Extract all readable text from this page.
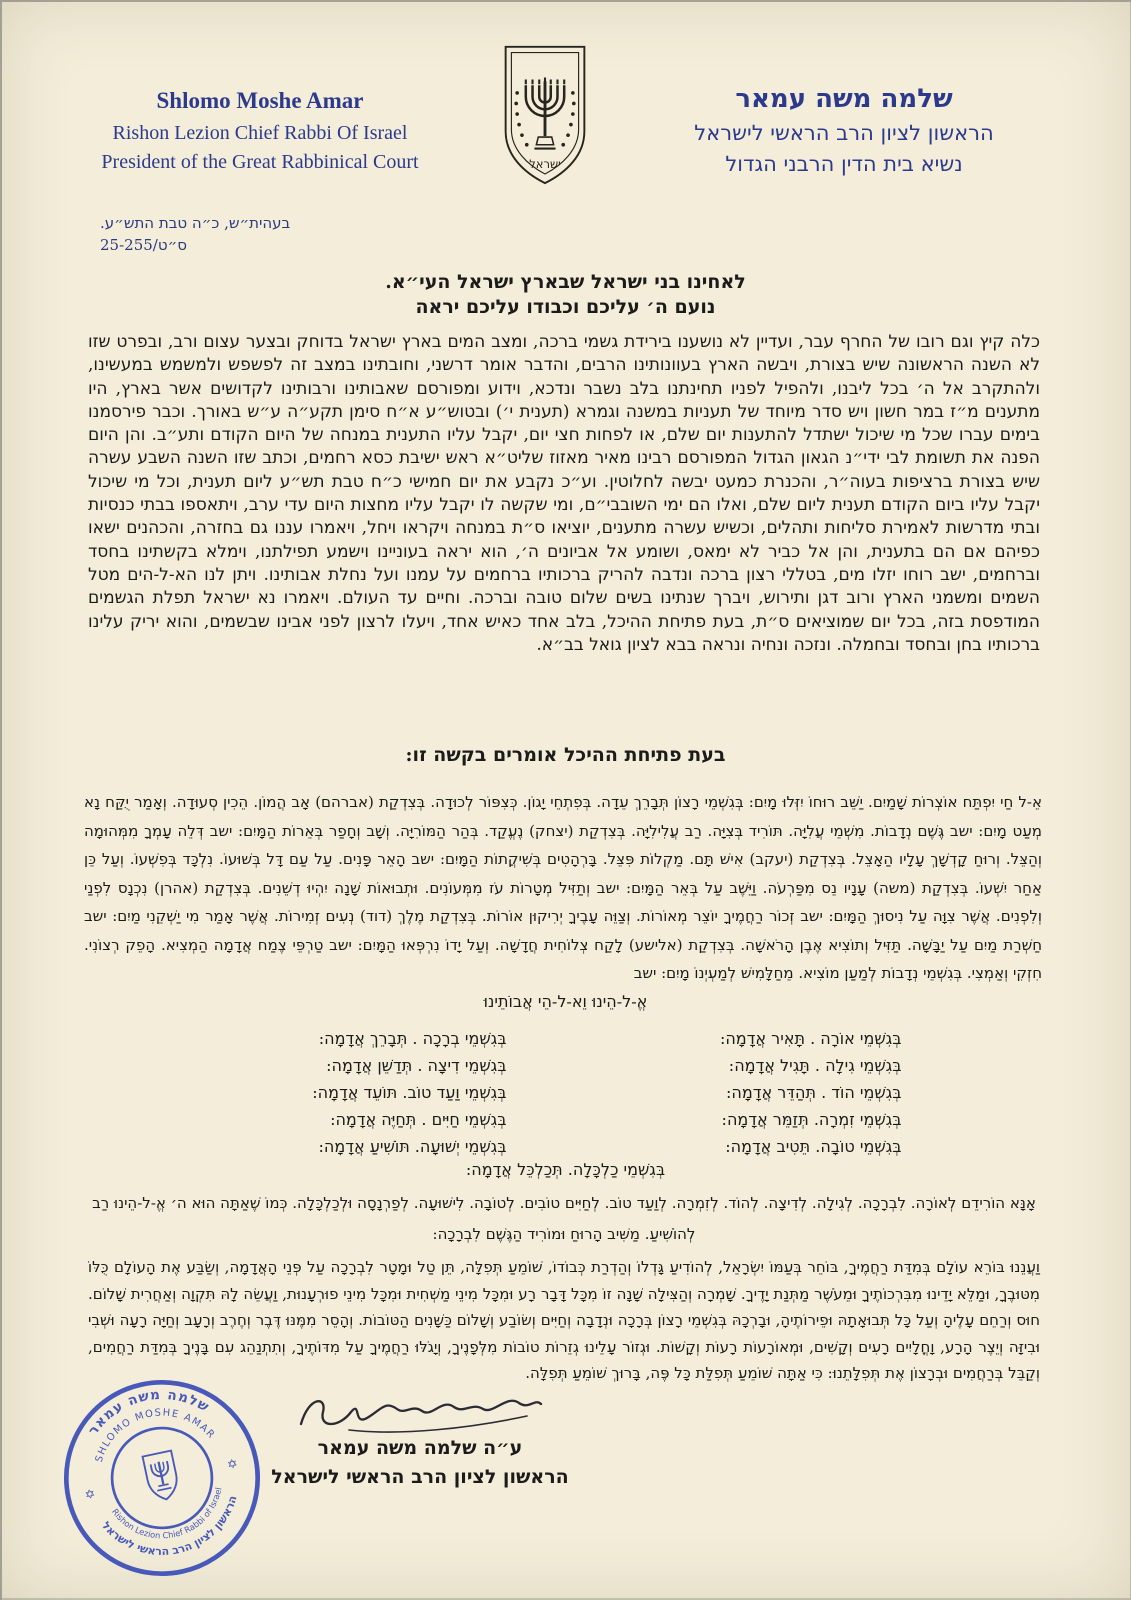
ישראל
Shlomo Moshe Amar
Rishon Lezion Chief Rabbi Of Israel
President of the Great Rabbinical Court
שלמה משה עמאר
הראשון לציון הרב הראשי לישראל
נשיא בית הדין הרבני הגדול
בעהית״ש, כ״ה טבת התש״ע.
25-255/ס״ט
לאחינו בני ישראל שבארץ ישראל העי״א.
נועם ה׳ עליכם וכבודו עליכם יראה
כלה קיץ וגם רובו של החרף עבר, ועדיין לא נושענו בירידת גשמי ברכה, ומצב המים בארץ ישראל בדוחק ובצער עצום ורב, ובפרט שזו לא השנה הראשונה שיש בצורת, ויבשה הארץ בעוונותינו הרבים, והדבר אומר דרשני, וחובתינו במצב זה לפשפש ולמשמש במעשינו, ולהתקרב אל ה׳ בכל ליבנו, ולהפיל לפניו תחינתנו בלב נשבר ונדכא, וידוע ומפורסם שאבותינו ורבותינו לקדושים אשר בארץ, היו מתענים מ״ז במר חשון ויש סדר מיוחד של תעניות במשנה וגמרא (תענית י׳) ובטוש״ע א״ח סימן תקע״ה ע״ש באורך. וכבר פירסמנו בימים עברו שכל מי שיכול ישתדל להתענות יום שלם, או לפחות חצי יום, יקבל עליו התענית במנחה של היום הקודם ותע״ב. והן היום הפנה את תשומת לבי ידי״נ הגאון הגדול המפורסם רבינו מאיר מאזוז שליט״א ראש ישיבת כסא רחמים, וכתב שזו השנה השבע עשרה שיש בצורת ברציפות בעוה״ר, והכנרת כמעט יבשה לחלוטין. וע״כ נקבע את יום חמישי כ״ח טבת תש״ע ליום תענית, וכל מי שיכול יקבל עליו ביום הקודם תענית ליום שלם, ואלו הם ימי השובבי״ם, ומי שקשה לו יקבל עליו מחצות היום עדי ערב, ויתאספו בבתי כנסיות ובתי מדרשות לאמירת סליחות ותהלים, וכשיש עשרה מתענים, יוציאו ס״ת במנחה ויקראו ויחל, ויאמרו עננו גם בחזרה, והכהנים ישאו כפיהם אם הם בתענית, והן אל כביר לא ימאס, ושומע אל אביונים ה׳, הוא יראה בעוניינו וישמע תפילתנו, וימלא בקשתינו בחסד וברחמים, ישב רוחו יזלו מים, בטללי רצון ברכה ונדבה להריק ברכותיו ברחמים על עמנו ועל נחלת אבותינו. ויתן לנו הא-ל-הים מטל השמים ומשמני הארץ ורוב דגן ותירוש, ויברך שנתינו בשים שלום טובה וברכה. וחיים עד העולם. ויאמרו נא ישראל תפלת הגשמים המודפסת בזה, בכל יום שמוציאים ס״ת, בעת פתיחת ההיכל, בלב אחד כאיש אחד, ויעלו לרצון לפני אבינו שבשמים, והוא יריק עלינו ברכותיו בחן ובחסד ובחמלה. ונזכה ונחיה ונראה בבא לציון גואל בב״א.
בעת פתיחת ההיכל אומרים בקשה זו:
אֵ-ל חַי יִפְתַּח אוֹצְרוֹת שָׁמַיִם. יַשֵּׁב רוּחוֹ יִזְּלוּ מָיִם: בְּגִשְׁמֵי רָצוֹן תְּבָרֵךְ עֵדָה. בְּפִתְחֵי יָגוֹן. כְּצִפּוֹר לְכוּדָה. בְּצִדְקַת (אברהם) אָב הֲמוֹן. הֵכִין סְעוּדָה. וְאָמַר יֻקַּח נָא מְעַט מָיִם: ישב גֶּשֶׁם נְדָבוֹת. מִשְׁמֵי עֲלִיָּה. תּוֹרִיד בְּצִיָּה. רַב עֲלִילִיָּה. בְּצִדְקַת (יצחק) נֶעֱקַד. בְּהַר הַמּוֹרִיָּה. וְשָׁב וְחָפַר בְּאֵרוֹת הַמָּיִם: ישב דְּלֵה עָמְךָ מִמְּהוּמָה וְהַצֵּל. וְרוּחַ קָדְשָׁךְ עָלָיו הַאָצֵל. בְּצִדְקַת (יעקב) אִישׁ תָּם. מַקְלוֹת פִּצֵּל. בָּרְהָטִים בְּשִׁיקֲתוֹת הַמָּיִם: ישב הָאֵר פָּנִים. עַל עַם דָּל בְּשׁוּעוֹ. נִלְכָּד בְּפִשְׁעוֹ. וְעַל כֵּן אַחַר יִשְׁעוֹ. בְּצִדְקַת (משה) עָנָיו נֵס מִפַּרְעֹה. וַיֵּשֶׁב עַל בְּאֵר הַמָּיִם: ישב וְתַזִּיל מְטָרוֹת עֹז מִמְּעוֹנִים. וּתְבוּאוֹת שָׁנָה יִהְיוּ דְשֵׁנִים. בְּצִדְקַת (אהרן) נִכְנָס לִפְנַי וְלִפְנִים. אֲשֶׁר צִוָּה עַל נִיסוּךְ הַמָּיִם: ישב זְכוֹר רַחֲמֶיךָ יוֹצֵר מְאוֹרוֹת. וְצַוֵּה עָבֶיךָ יְרִיקוּן אוֹרוֹת. בְּצִדְקַת מֶלֶךְ (דוד) נְעִים זְמִירוֹת. אֲשֶׁר אָמַר מִי יַשְׁקֵנִי מַיִם: ישב חַשְׁרַת מַיִם עַל יַבָּשָׁה. תַּזִּיל וְתוֹצִיא אֶבֶן הָרֹאשָׁה. בְּצִדְקַת (אלישע) לָקַח צְלוֹחִית חֲדָשָׁה. וְעַל יָדוֹ נִרְפְּאוּ הַמָּיִם: ישב טַרְפֵּי צֶמַח אֲדָמָה הַמְצִיא. הָפֵק רְצוֹנִי. חִזְקִי וְאַמְצִי. בְּגִשְׁמֵי נְדָבוֹת לְמַעַן מוֹצִיא. מֵחַלָּמִישׁ לְמַעְיְנוֹ מָיִם: ישב
אֱ-ל-הֵינוּ וֵא-ל-הֵי אֲבוֹתֵינוּ
בְּגִשְׁמֵי אוֹרָה . תָּאִיר אֲדָמָה:
בְּגִשְׁמֵי בְרָכָה . תְּבָרֵךְ אֲדָמָה:
בְּגִשְׁמֵי גִילָה . תָּגִיל אֲדָמָה:
בְּגִשְׁמֵי דִיצָה . תְּדַשֵּׁן אֲדָמָה:
בְּגִשְׁמֵי הוֹד . תְּהַדֵּר אֲדָמָה:
בְּגִשְׁמֵי וַעַד טוֹב. תּוֹעֵד אֲדָמָה:
בְּגִשְׁמֵי זִמְרָה. תְּזַמֵּר אֲדָמָה:
בְּגִשְׁמֵי חַיִּים . תְּחַיֶּה אֲדָמָה:
בְּגִשְׁמֵי טוֹבָה. תֵּטִיב אֲדָמָה:
בְּגִשְׁמֵי יְשׁוּעָה. תּוֹשִׁיעַ אֲדָמָה:
בְּגִשְׁמֵי כַלְכָּלָה. תְּכַלְכֵּל אֲדָמָה:
אָנָּא הוֹרִידֵם לְאוֹרָה. לִבְרָכָה. לְגִילָה. לְדִיצָה. לְהוֹד. לְזִמְרָה. לְוַעַד טוֹב. לְחַיִּים טוֹבִים. לְטוֹבָה. לִישׁוּעָה. לְפַרְנָסָה וּלְכַלְכָּלָה. כְּמוֹ שֶׁאַתָּה הוּא ה׳ אֱ-ל-הֵינוּ רַב לְהוֹשִׁיעַ. מַשִּׁיב הָרוּחַ וּמוֹרִיד הַגֶּשֶׁם לִבְרָכָה:
וַעֲנֵנוּ בּוֹרֵא עוֹלָם בְּמִדַּת רַחֲמֶיךָ, בּוֹחֵר בְּעַמּוֹ יִשְׂרָאֵל, לְהוֹדִיעַ גָּדְלוֹ וְהַדְרַת כְּבוֹדוֹ, שׁוֹמֵעַ תְּפִלָּה, תֵּן טַל וּמָטָר לִבְרָכָה עַל פְּנֵי הָאֲדָמָה, וְשַׂבַּע אֶת הָעוֹלָם כֻּלּוֹ מִטּוּבֶךָ, וּמַלֵּא יָדֵינוּ מִבִּרְכוֹתֶיךָ וּמֵעֹשֶׁר מַתְּנַת יָדֶיךָ. שָׁמְרָה וְהַצִּילָה שָׁנָה זוֹ מִכָּל דָּבָר רָע וּמִכָּל מִינֵי מַשְׁחִית וּמִכָּל מִינֵי פוּרְעָנוּת, וַעֲשֵׂה לָהּ תִּקְוָה וְאַחֲרִית שָׁלוֹם. חוּס וְרַחֵם עָלֶיהָ וְעַל כָּל תְּבוּאָתָהּ וּפֵירוֹתֶיהָ, וּבָרְכָהּ בְּגִשְׁמֵי רָצוֹן בְּרָכָה וּנְדָבָה וְחַיִּים וְשׂוֹבַע וְשָׁלוֹם כַּשָּׁנִים הַטּוֹבוֹת. וְהָסֵר מִמֶּנּוּ דֶּבֶר וְחֶרֶב וְרָעָב וְחַיָּה רָעָה וּשְׁבִי וּבִיזָּה וְיֵצֶר הָרָע, וָחֳלָיִים רָעִים וְקָשִׁים, וּמְאוֹרָעוֹת רָעוֹת וְקָשׁוֹת. וּגְזוֹר עָלֵינוּ גְזֵרוֹת טוֹבוֹת מִלְּפָנֶיךָ, וְיָגֹלּוּ רַחֲמֶיךָ עַל מִדּוֹתֶיךָ, וְתִתְנַהֵג עִם בָּנֶיךָ בְּמִדַּת רַחֲמִים, וְקַבֵּל בְּרַחֲמִים וּבְרָצוֹן אֶת תְּפִלָּתֵנוּ: כִּי אַתָּה שׁוֹמֵעַ תְּפִלַּת כָּל פֶּה, בָּרוּךְ שׁוֹמֵעַ תְּפִלָּה.
ע״ה שלמה משה עמאר
הראשון לציון הרב הראשי לישראל
שלמה משה עמאר
SHLOMO MOSHE AMAR
הראשון לציון הרב הראשי לישראל
Rishon Lezion Chief Rabbi of Israel
✡
✡
